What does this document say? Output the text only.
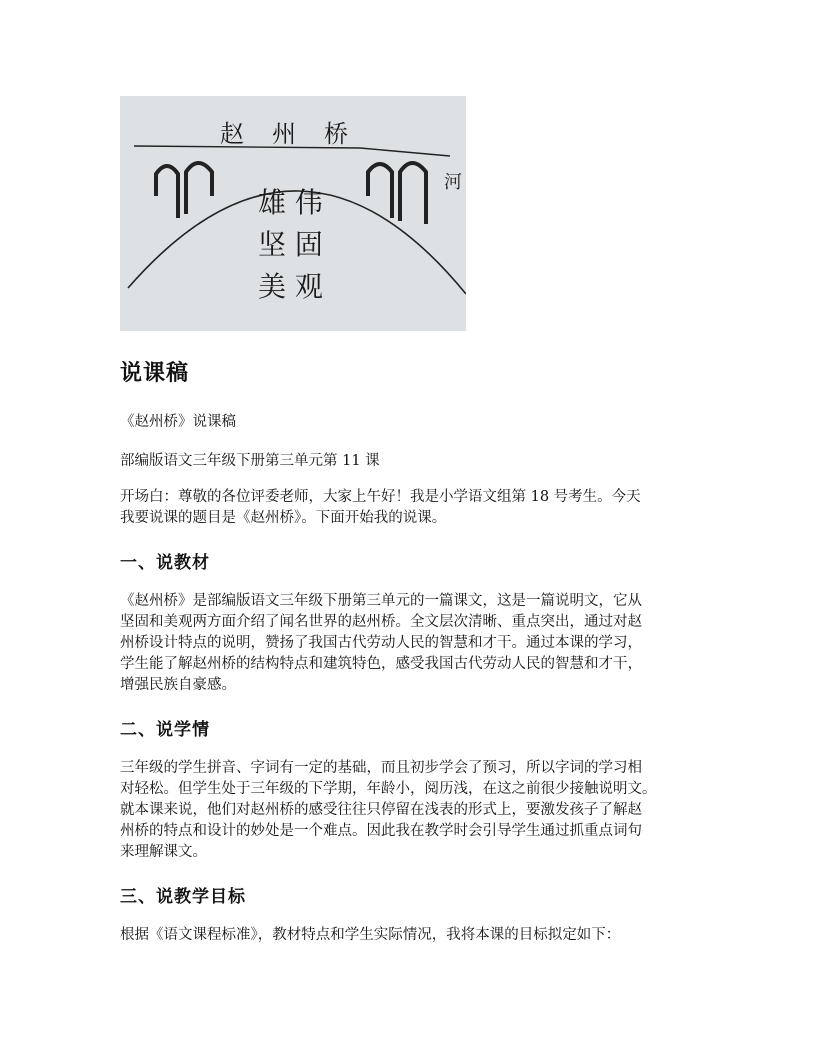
赵 州 桥
河
雄 伟
坚 固
美 观
说课稿

《赵州桥》说课稿

部编版语文三年级下册第三单元第 11 课

开场白：尊敬的各位评委老师，大家上午好！我是小学语文组第 18 号考生。今天
我要说课的题目是《赵州桥》。下面开始我的说课。

一、说教材

《赵州桥》是部编版语文三年级下册第三单元的一篇课文，这是一篇说明文，它从
坚固和美观两方面介绍了闻名世界的赵州桥。全文层次清晰、重点突出，通过对赵
州桥设计特点的说明，赞扬了我国古代劳动人民的智慧和才干。通过本课的学习，
学生能了解赵州桥的结构特点和建筑特色，感受我国古代劳动人民的智慧和才干，
增强民族自豪感。

二、说学情

三年级的学生拼音、字词有一定的基础，而且初步学会了预习，所以字词的学习相
对轻松。但学生处于三年级的下学期，年龄小，阅历浅，在这之前很少接触说明文。
就本课来说，他们对赵州桥的感受往往只停留在浅表的形式上，要激发孩子了解赵
州桥的特点和设计的妙处是一个难点。因此我在教学时会引导学生通过抓重点词句
来理解课文。

三、说教学目标

根据《语文课程标准》，教材特点和学生实际情况，我将本课的目标拟定如下：
